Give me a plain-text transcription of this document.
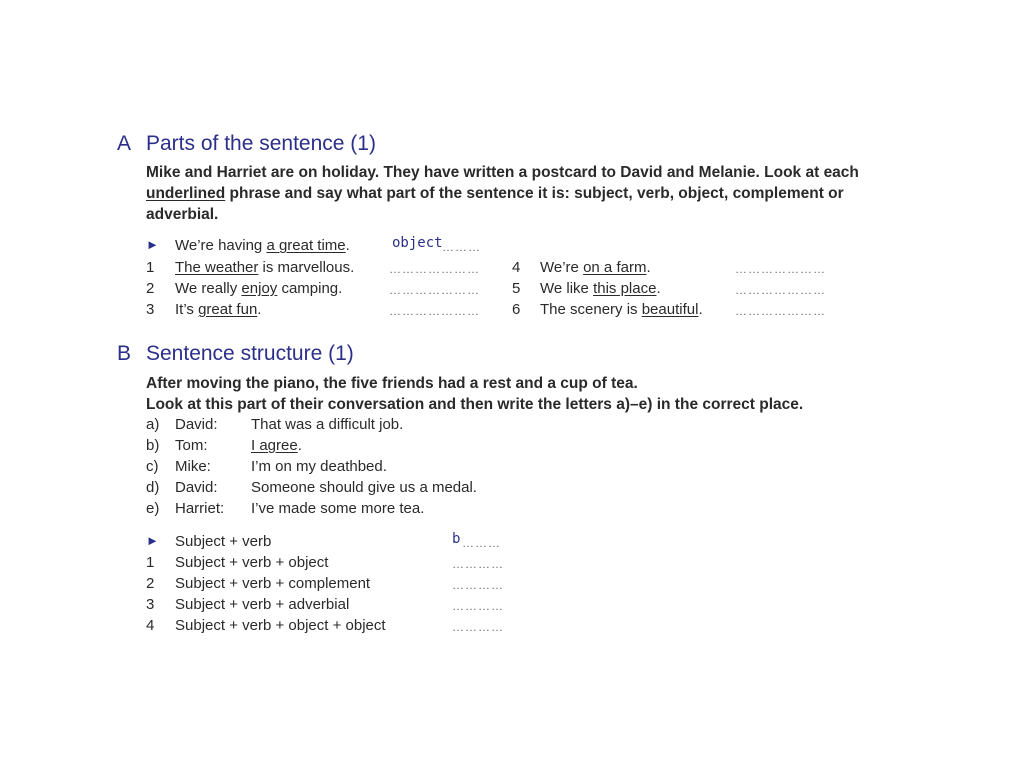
A Parts of the sentence (1)
Mike and Harriet are on holiday. They have written a postcard to David and Melanie. Look at each
underlined phrase and say what part of the sentence it is: subject, verb, object, complement or
adverbial.
► We’re having a great time.	object ………
1 The weather is marvellous.	…………………
2 We really enjoy camping.	…………………
3 It’s great fun.	…………………
4 We’re on a farm.	…………………
5 We like this place.	…………………
6 The scenery is beautiful.	…………………
B Sentence structure (1)
After moving the piano, the five friends had a rest and a cup of tea.
Look at this part of their conversation and then write the letters a)–e) in the correct place.
a) David: That was a difficult job.
b) Tom:	I agree.
c) Mike:	I’m on my deathbed.
d) David: Someone should give us a medal.
e) Harriet: I’ve made some more tea.
► Subject + verb	b ………
1 Subject + verb + object	…………
2 Subject + verb + complement	…………
3 Subject + verb + adverbial	…………
4 Subject + verb + object + object	…………
